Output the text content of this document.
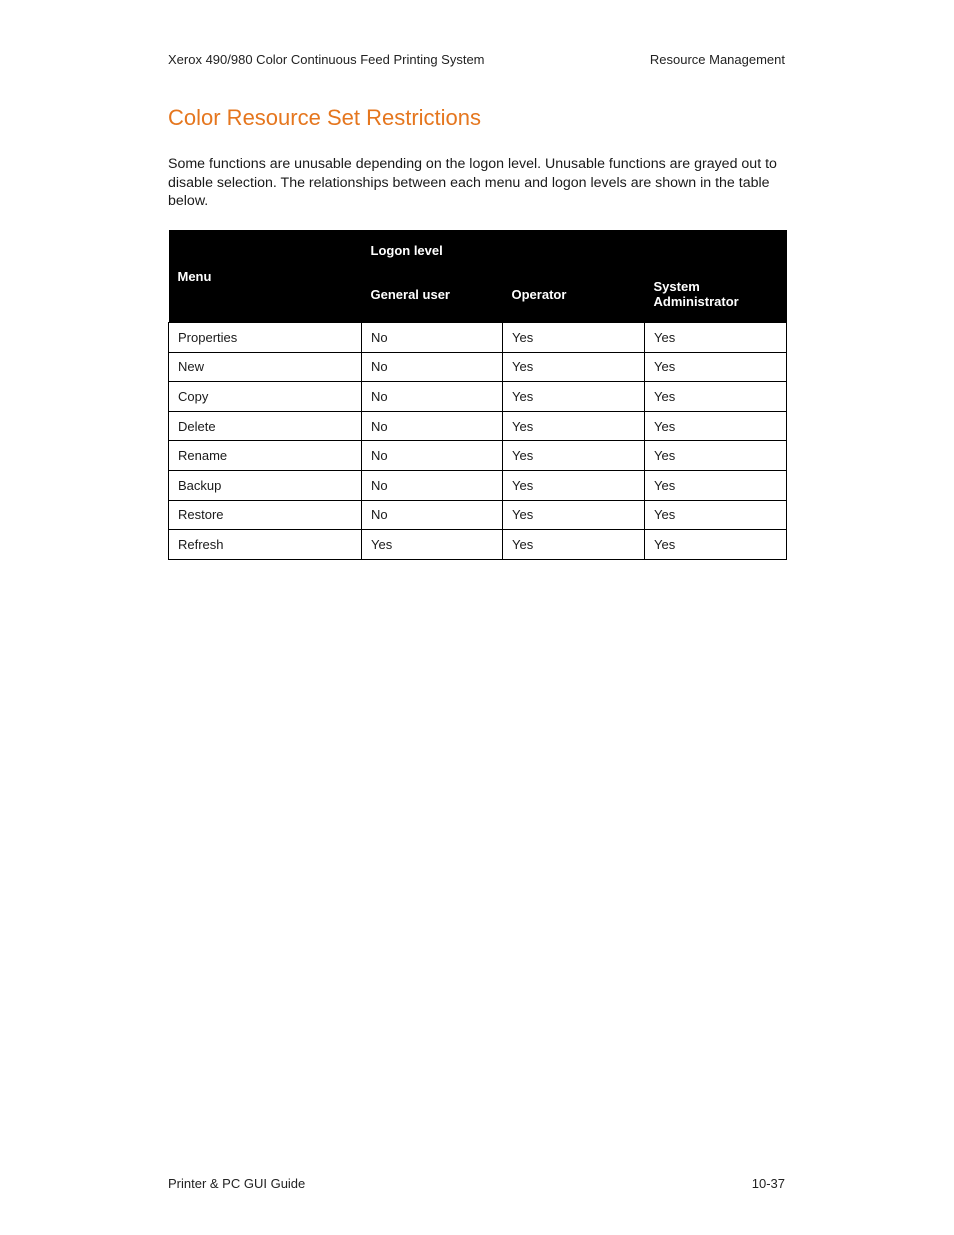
Xerox 490/980 Color Continuous Feed Printing System	Resource Management
Color Resource Set Restrictions

Some functions are unusable depending on the logon level. Unusable functions are grayed out to disable selection. The relationships between each menu and logon levels are shown in the table below.

Menu	Logon level		
	General user	Operator	System Administrator
Properties	No	Yes	Yes
New	No	Yes	Yes
Copy	No	Yes	Yes
Delete	No	Yes	Yes
Rename	No	Yes	Yes
Backup	No	Yes	Yes
Restore	No	Yes	Yes
Refresh	Yes	Yes	Yes
Printer & PC GUI Guide	10-37
